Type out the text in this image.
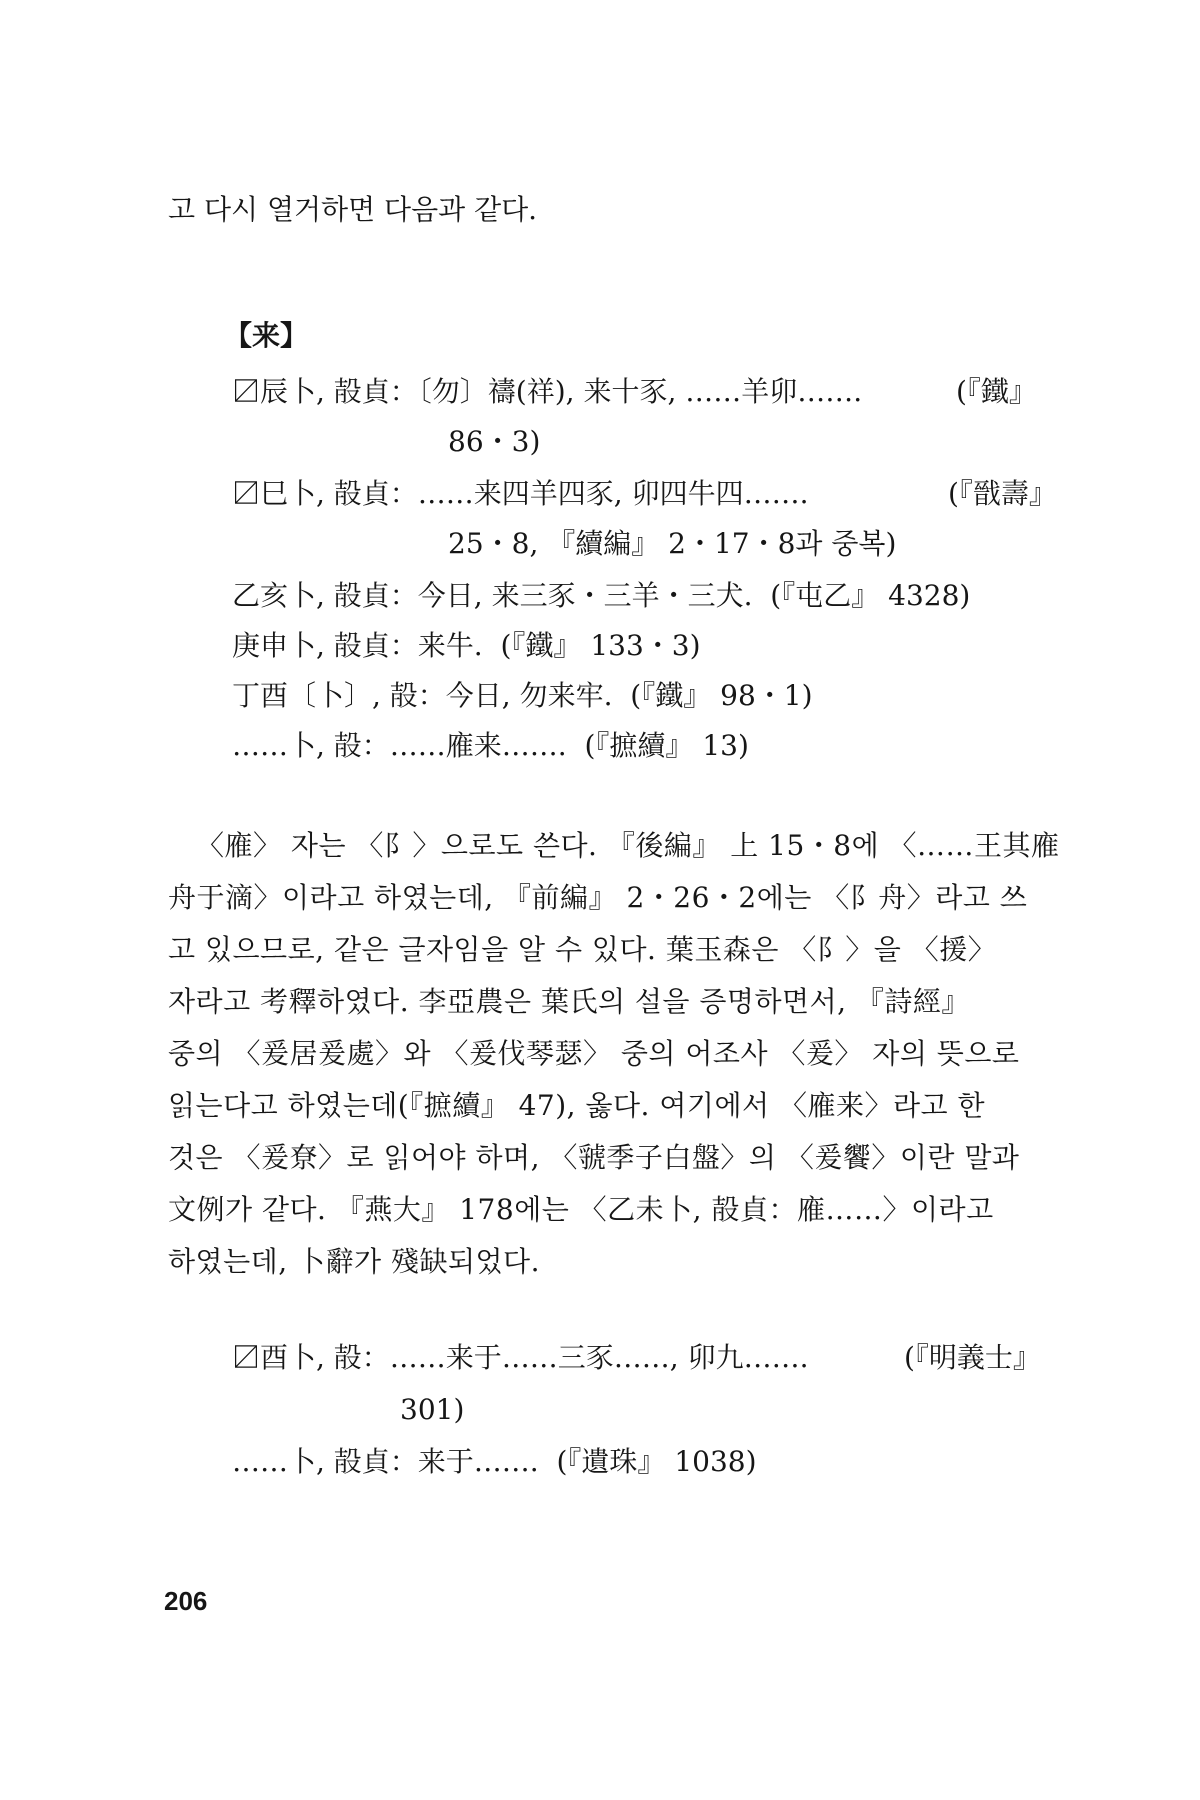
고 다시 열거하면 다음과 같다.
【来】
〼辰卜, 㱿貞：〔勿〕禱(祥), 来十豕, ……羊卯…….	(『鐵』
86・3)
〼巳卜, 㱿貞：……来四羊四豕, 卯四牛四…….	(『戩壽』
25・8, 『續編』 2・17・8과 중복)
乙亥卜, 㱿貞：今日, 来三豕・三羊・三犬.  (『屯乙』 4328)
庚申卜, 㱿貞：来牛.  (『鐵』 133・3)
丁酉〔卜〕, 㱿：今日, 勿来牢.  (『鐵』 98・1)
……卜, 㱿：……䧹来…….  (『摭續』 13)
〈䧹〉 자는 〈阝〉으로도 쓴다. 『後編』 上 15・8에 〈……王其䧹
舟于滴〉이라고 하였는데, 『前編』 2・26・2에는 〈阝舟〉라고 쓰
고 있으므로, 같은 글자임을 알 수 있다. 葉玉森은 〈阝〉을 〈援〉
자라고 考釋하였다. 李亞農은 葉氏의 설을 증명하면서, 『詩經』
중의 〈爰居爰處〉와 〈爰伐琴瑟〉 중의 어조사 〈爰〉 자의 뜻으로
읽는다고 하였는데(『摭續』 47), 옳다. 여기에서 〈䧹来〉라고 한
것은 〈爰尞〉로 읽어야 하며, 〈虢季子白盤〉의 〈爰饗〉이란 말과
文例가 같다. 『燕大』 178에는 〈乙未卜, 㱿貞：䧹……〉이라고
하였는데, 卜辭가 殘缺되었다.
〼酉卜, 㱿：……来于……三豕……, 卯九…….	(『明義士』
301)
……卜, 㱿貞：来于…….  (『遺珠』 1038)
206
